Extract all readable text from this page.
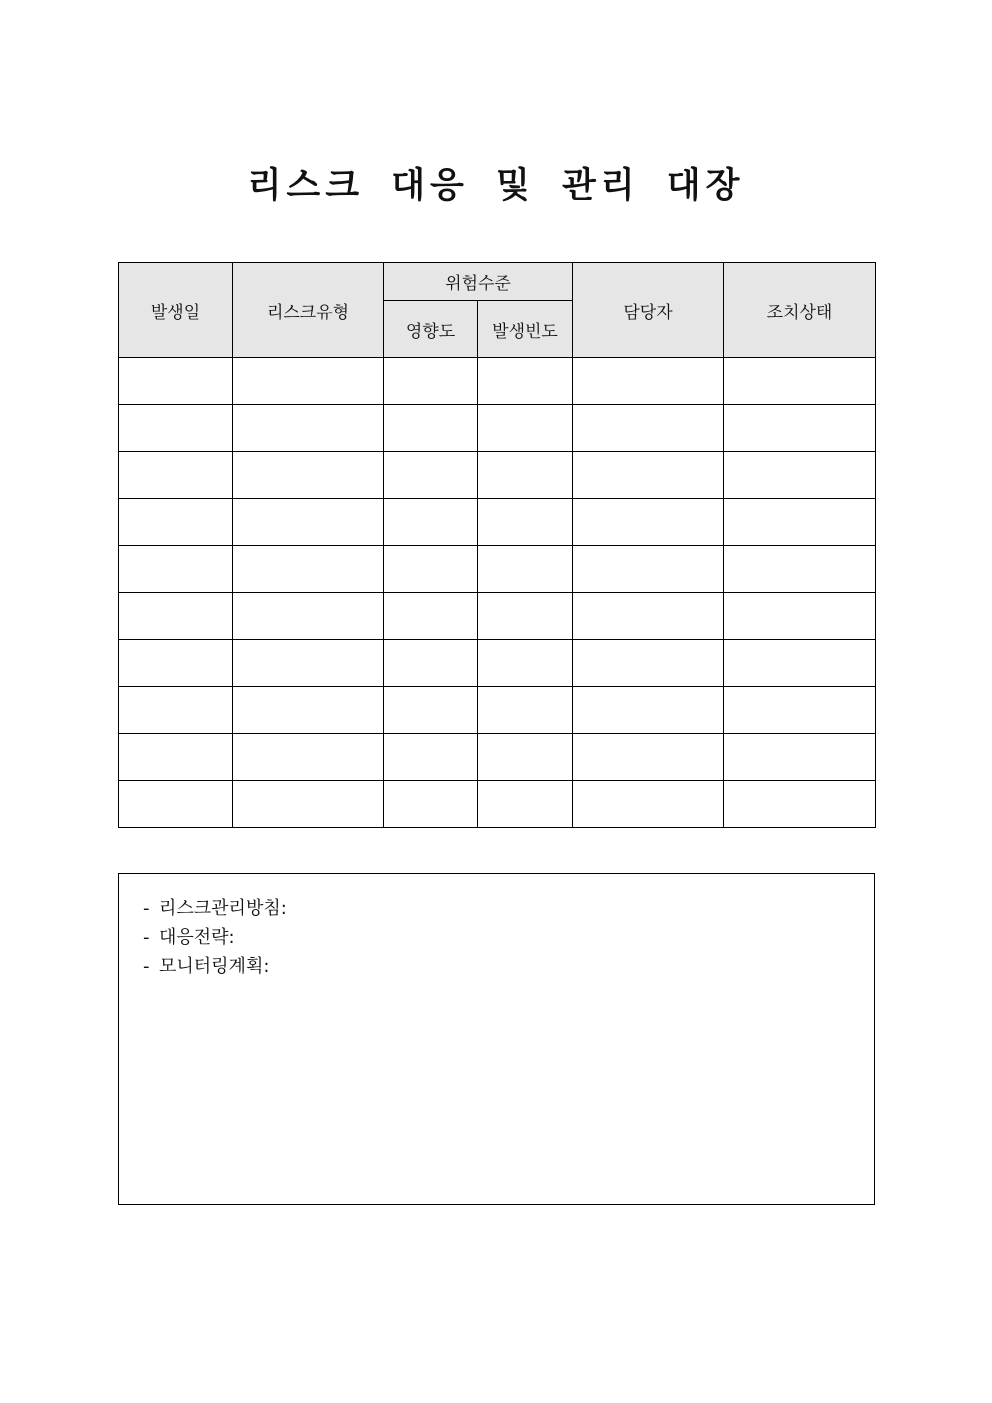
리스크 대응 및 관리 대장
발생일	리스크유형	위험수준		담당자	조치상태
		영향도	발생빈도		

- 리스크관리방침:
- 대응전략:
- 모니터링계획:
